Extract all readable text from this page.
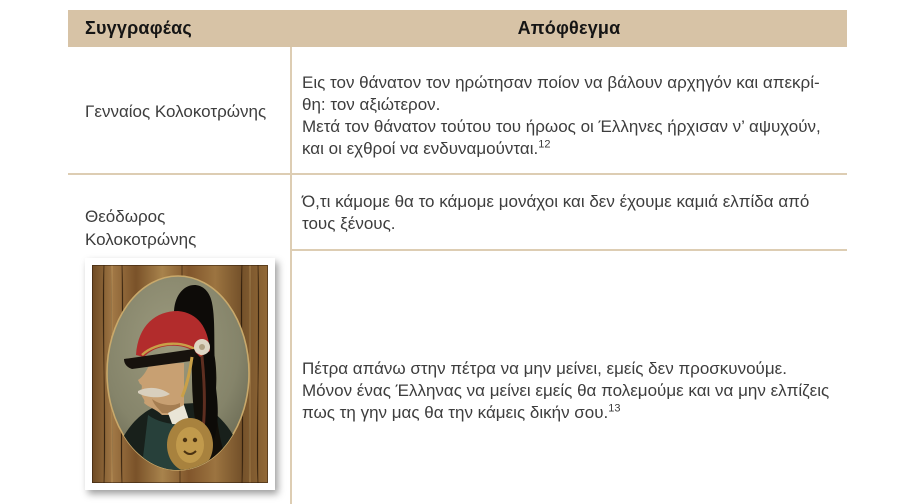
Συγγραφέας	Απόφθεγμα
Γενναίος Κολοκοτρώνης
Εις τον θάνατον τον ηρώτησαν ποίον να βάλουν αρχηγόν και απεκρί-
θη: τον αξιώτερον.
Μετά τον θάνατον τούτου του ήρωος οι Έλληνες ήρχισαν ν’ αψυχούν,
και οι εχθροί να ενδυναμούνται.$^{12}$
Θεόδωρος
Κολοκοτρώνης
Ό,τι κάμομε θα το κάμομε μονάχοι και δεν έχουμε καμιά ελπίδα από
τους ξένους.
Πέτρα απάνω στην πέτρα να μην μείνει, εμείς δεν προσκυνούμε.
Μόνον ένας Έλληνας να μείνει εμείς θα πολεμούμε και να μην ελπίζεις
πως τη γην μας θα την κάμεις δικήν σου.$^{13}$
